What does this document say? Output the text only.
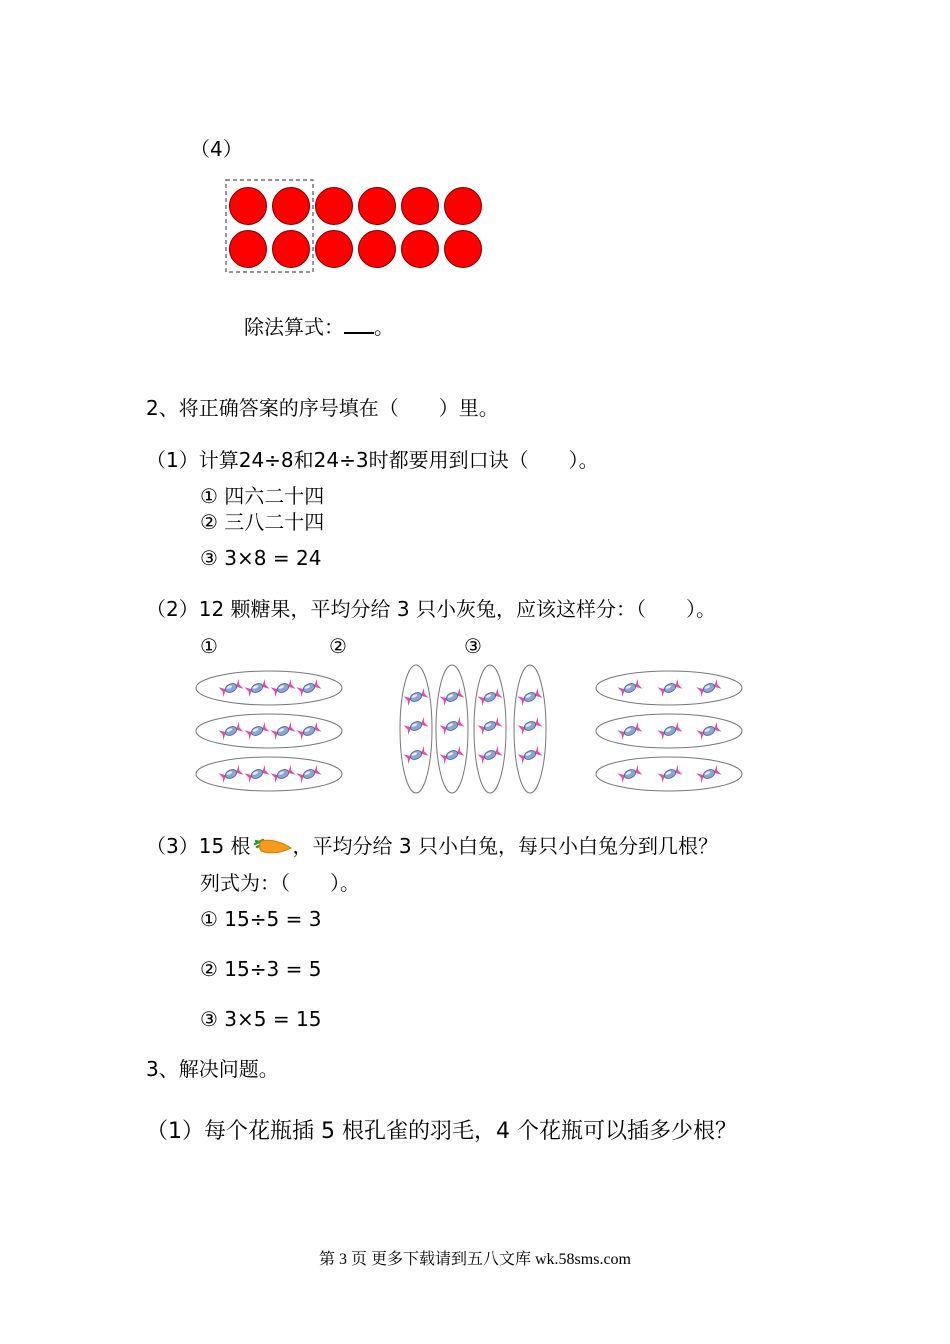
（4）
除法算式： 。
2、将正确答案的序号填在（　　）里。
（1）计算24÷8和24÷3时都要用到口诀（　　）。
① 四六二十四
② 三八二十四
③ 3×8 = 24
（2）12 颗糖果，平均分给 3 只小灰兔，应该这样分：（　　）。
①	②	③
（3）15 根 ，平均分给 3 只小白兔，每只小白兔分到几根？
列式为：（　　）。
① 15÷5 = 3
② 15÷3 = 5
③ 3×5 = 15
3、解决问题。
（1）每个花瓶插 5 根孔雀的羽毛，4 个花瓶可以插多少根？
第 3 页 更多下载请到五八文库 wk.58sms.com
